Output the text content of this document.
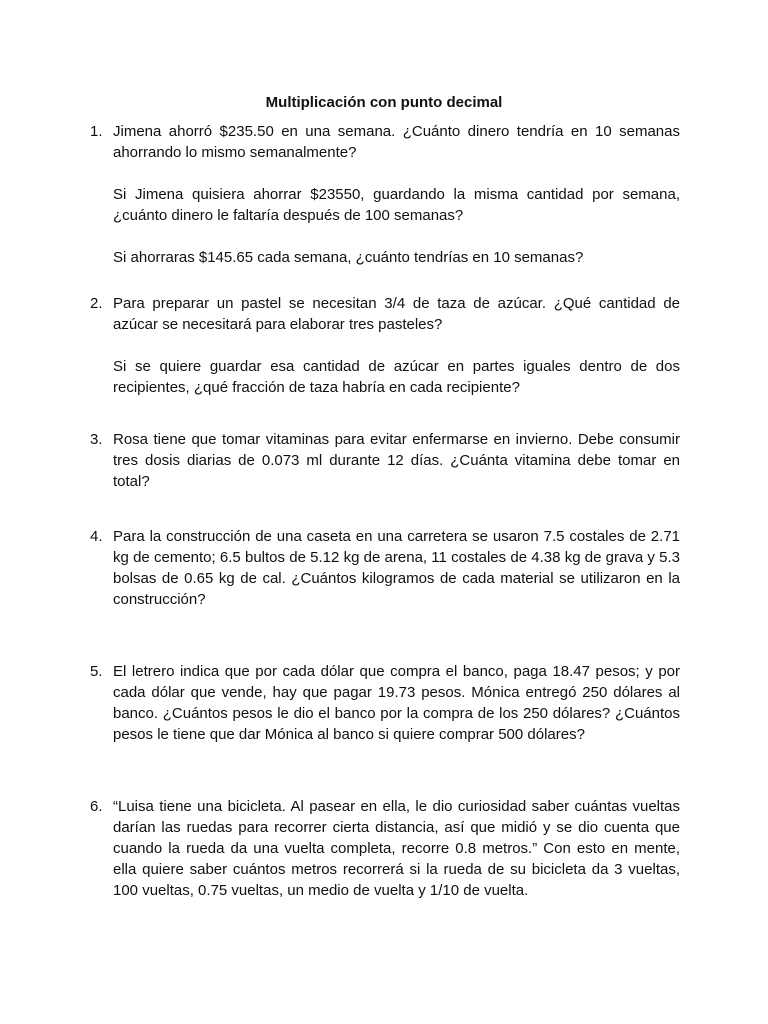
Multiplicación con punto decimal
1. Jimena ahorró $235.50 en una semana. ¿Cuánto dinero tendría en 10 semanas ahorrando lo mismo semanalmente?

Si Jimena quisiera ahorrar $23550, guardando la misma cantidad por semana, ¿cuánto dinero le faltaría después de 100 semanas?

Si ahorraras $145.65 cada semana, ¿cuánto tendrías en 10 semanas?

2. Para preparar un pastel se necesitan 3/4 de taza de azúcar. ¿Qué cantidad de azúcar se necesitará para elaborar tres pasteles?

Si se quiere guardar esa cantidad de azúcar en partes iguales dentro de dos recipientes, ¿qué fracción de taza habría en cada recipiente?

3. Rosa tiene que tomar vitaminas para evitar enfermarse en invierno. Debe consumir tres dosis diarias de 0.073 ml durante 12 días. ¿Cuánta vitamina debe tomar en total?

4. Para la construcción de una caseta en una carretera se usaron 7.5 costales de 2.71 kg de cemento; 6.5 bultos de 5.12 kg de arena, 11 costales de 4.38 kg de grava y 5.3 bolsas de 0.65 kg de cal. ¿Cuántos kilogramos de cada material se utilizaron en la construcción?

5. El letrero indica que por cada dólar que compra el banco, paga 18.47 pesos; y por cada dólar que vende, hay que pagar 19.73 pesos. Mónica entregó 250 dólares al banco. ¿Cuántos pesos le dio el banco por la compra de los 250 dólares? ¿Cuántos pesos le tiene que dar Mónica al banco si quiere comprar 500 dólares?

6. “Luisa tiene una bicicleta. Al pasear en ella, le dio curiosidad saber cuántas vueltas darían las ruedas para recorrer cierta distancia, así que midió y se dio cuenta que cuando la rueda da una vuelta completa, recorre 0.8 metros.” Con esto en mente, ella quiere saber cuántos metros recorrerá si la rueda de su bicicleta da 3 vueltas, 100 vueltas, 0.75 vueltas, un medio de vuelta y 1/10 de vuelta.
